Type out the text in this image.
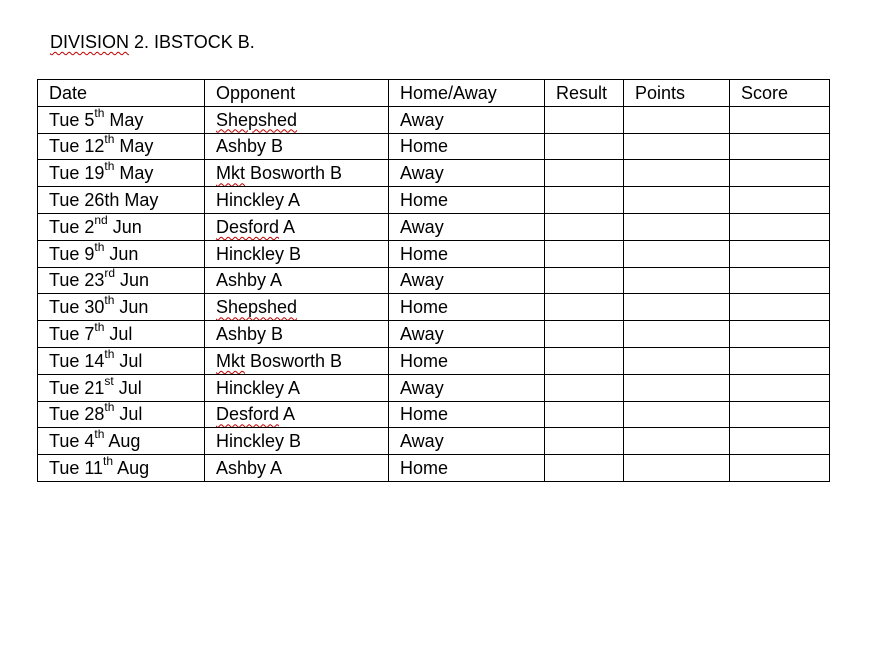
DIVISION 2. IBSTOCK B.
Date	Opponent	Home/Away	Result	Points	Score
Tue 5th May	Shepshed	Away			
Tue 12th May	Ashby B	Home			
Tue 19th May	Mkt Bosworth B	Away			
Tue 26th May	Hinckley A	Home			
Tue 2nd Jun	Desford A	Away			
Tue 9th Jun	Hinckley B	Home			
Tue 23rd Jun	Ashby A	Away			
Tue 30th Jun	Shepshed	Home			
Tue 7th Jul	Ashby B	Away			
Tue 14th Jul	Mkt Bosworth B	Home			
Tue 21st Jul	Hinckley A	Away			
Tue 28th Jul	Desford A	Home			
Tue 4th Aug	Hinckley B	Away			
Tue 11th Aug	Ashby A	Home			
